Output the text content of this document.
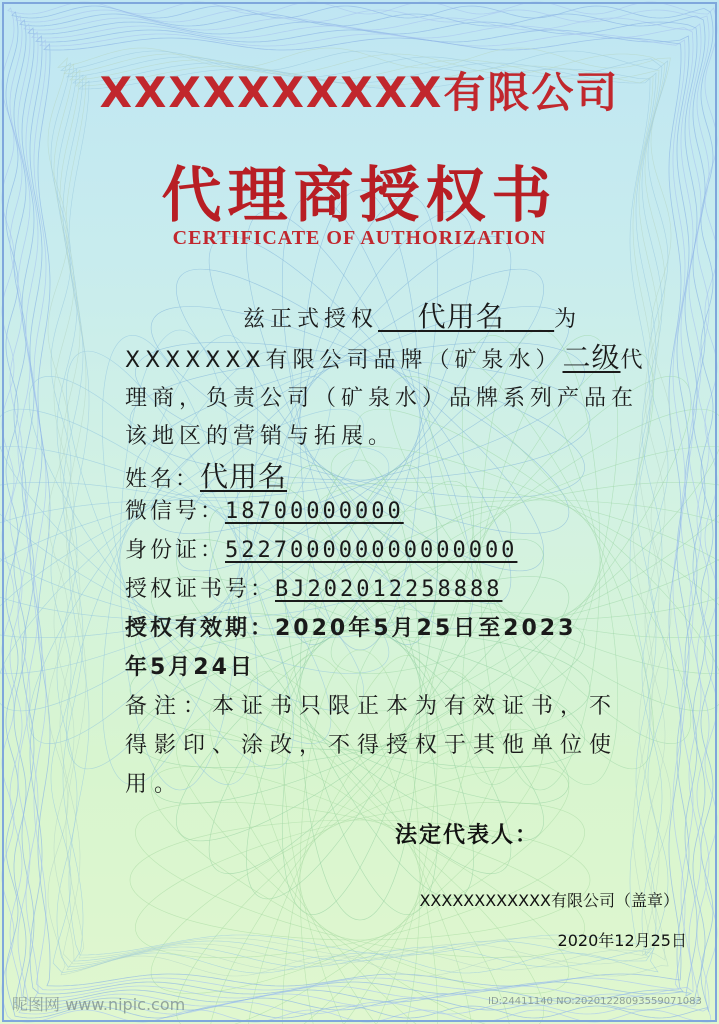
XXXXXXXXXX有限公司
代理商授权书
CERTIFICATE OF AUTHORIZATION
兹正式授权 代用名 为XXXXXXX有限公司品牌（矿泉水）二级代理商，负责公司（矿泉水）品牌系列产品在该地区的营销与拓展。
姓名：代用名
微信号：18700000000
身份证：522700000000000000
授权证书号：BJ202012258888
授权有效期：2020年5月25日至2023
年5月24日
备注：本证书只限正本为有效证书，不
得影印、涂改，不得授权于其他单位使
用。
法定代表人：
XXXXXXXXXXXX有限公司（盖章）
2020年12月25日
昵图网 www.nipic.com	ID:24411140 NO:20201228093559071083
